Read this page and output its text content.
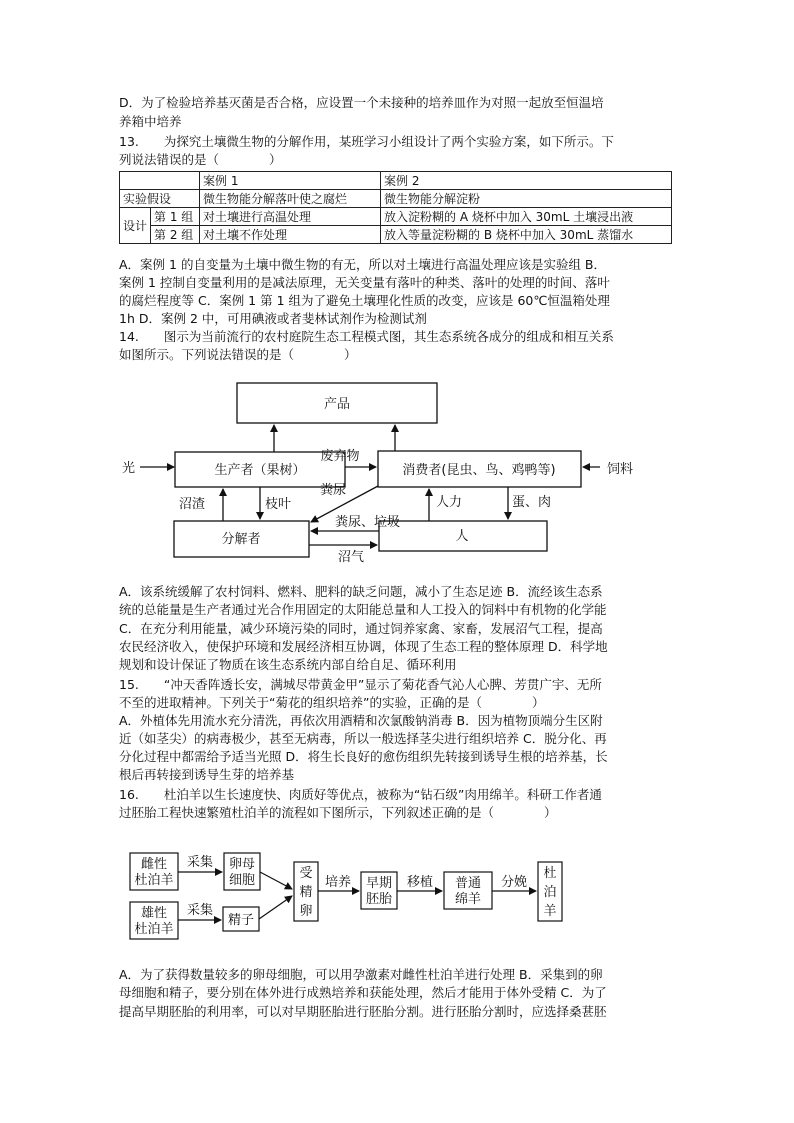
D．为了检验培养基灭菌是否合格，应设置一个未接种的培养皿作为对照一起放至恒温培
养箱中培养
13.　　为探究土壤微生物的分解作用，某班学习小组设计了两个实验方案，如下所示。下
列说法错误的是（　　　　）
		案例 1	案例 2
实验假设		微生物能分解落叶使之腐烂	微生物能分解淀粉
设计	第 1 组	对土壤进行高温处理	放入淀粉糊的 A 烧杯中加入 30mL 土壤浸出液
	第 2 组	对土壤不作处理	放入等量淀粉糊的 B 烧杯中加入 30mL 蒸馏水
A．案例 1 的自变量为土壤中微生物的有无，所以对土壤进行高温处理应该是实验组 B．
案例 1 控制自变量利用的是减法原理，无关变量有落叶的种类、落叶的处理的时间、落叶
的腐烂程度等 C．案例 1 第 1 组为了避免土壤理化性质的改变，应该是 60℃恒温箱处理
1h D．案例 2 中，可用碘液或者斐林试剂作为检测试剂
14.　　图示为当前流行的农村庭院生态工程模式图，其生态系统各成分的组成和相互关系
如图所示。下列说法错误的是（　　　　）
产品
光	生产者（果树）
废弃物
消费者(昆虫、鸟、鸡鸭等)	饲料
粪尿
沼渣	枝叶	人力	蛋、肉
粪尿、垃圾
分解者	人
沼气
A．该系统缓解了农村饲料、燃料、肥料的缺乏问题，减小了生态足迹 B．流经该生态系
统的总能量是生产者通过光合作用固定的太阳能总量和人工投入的饲料中有机物的化学能
C．在充分利用能量，减少环境污染的同时，通过饲养家禽、家畜，发展沼气工程，提高
农民经济收入，使保护环境和发展经济相互协调，体现了生态工程的整体原理 D．科学地
规划和设计保证了物质在该生态系统内部自给自足、循环利用
15.　　“冲天香阵透长安，满城尽带黄金甲”显示了菊花香气沁人心脾、芳贯广宇、无所
不至的进取精神。下列关于“菊花的组织培养”的实验，正确的是（　　　　）
A．外植体先用流水充分清洗，再依次用酒精和次氯酸钠消毒 B．因为植物顶端分生区附
近（如茎尖）的病毒极少，甚至无病毒，所以一般选择茎尖进行组织培养 C．脱分化、再
分化过程中都需给予适当光照 D．将生长良好的愈伤组织先转接到诱导生根的培养基，长
根后再转接到诱导生芽的培养基
16.　　杜泊羊以生长速度快、肉质好等优点，被称为“钻石级”肉用绵羊。科研工作者通
过胚胎工程快速繁殖杜泊羊的流程如下图所示，下列叙述正确的是（　　　　）
雌性
杜泊羊
采集 卵母
细胞
雄性
杜泊羊
采集
精子
受
精
卵
培养 早期
胚胎
移植 普通
绵羊
分娩
杜
泊
羊
A．为了获得数量较多的卵母细胞，可以用孕激素对雌性杜泊羊进行处理 B．采集到的卵
母细胞和精子，要分别在体外进行成熟培养和获能处理，然后才能用于体外受精 C．为了
提高早期胚胎的利用率，可以对早期胚胎进行胚胎分割。进行胚胎分割时，应选择桑葚胚
